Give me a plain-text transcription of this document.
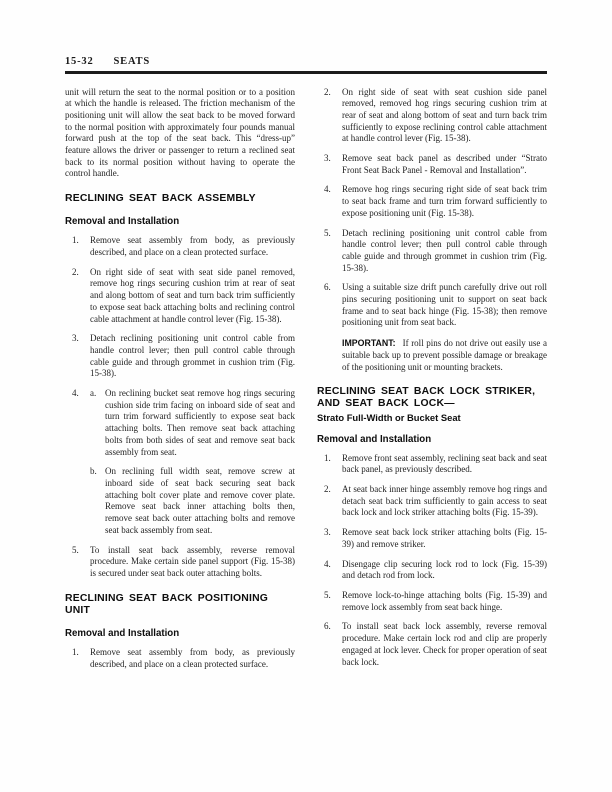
15-32 SEATS

unit will return the seat to the normal position or to a position at which the handle is released. The friction mechanism of the positioning unit will allow the seat back to be moved forward to the normal position with approximately four pounds manual forward push at the top of the seat back. This “dress-up” feature allows the driver or passenger to return a reclined seat back to its normal position without having to operate the control handle.

RECLINING SEAT BACK ASSEMBLY
Removal and Installation
1.	Remove seat assembly from body, as previously described, and place on a clean protected surface.
2.	On right side of seat with seat side panel removed, remove hog rings securing cushion trim at rear of seat and along bottom of seat and turn back trim sufficiently to expose seat back attaching bolts and reclining control cable attachment at handle control lever (Fig. 15-38).
3.	Detach reclining positioning unit control cable from handle control lever; then pull control cable through cable guide and through grommet in cushion trim (Fig. 15-38).
4.	a. On reclining bucket seat remove hog rings securing cushion side trim facing on inboard side of seat and turn trim forward sufficiently to expose seat back attaching bolts. Then remove seat back attaching bolts from both sides of seat and remove seat back assembly from seat.
b. On reclining full width seat, remove screw at inboard side of seat back securing seat back attaching bolt cover plate and remove cover plate. Remove seat back inner attaching bolts then, remove seat back outer attaching bolts and remove seat back assembly from seat.
5.	To install seat back assembly, reverse removal procedure. Make certain side panel support (Fig. 15-38) is secured under seat back outer attaching bolts.
RECLINING SEAT BACK POSITIONING UNIT
Removal and Installation
1.	Remove seat assembly from body, as previously described, and place on a clean protected surface.
2.	On right side of seat with seat cushion side panel removed, removed hog rings securing cushion trim at rear of seat and along bottom of seat and turn back trim sufficiently to expose reclining control cable attachment at handle control lever (Fig. 15-38).
3.	Remove seat back panel as described under “Strato Front Seat Back Panel - Removal and Installation”.
4.	Remove hog rings securing right side of seat back trim to seat back frame and turn trim forward sufficiently to expose positioning unit (Fig. 15-38).
5.	Detach reclining positioning unit control cable from handle control lever; then pull control cable through cable guide and through grommet in cushion trim (Fig. 15-38).
6.	Using a suitable size drift punch carefully drive out roll pins securing positioning unit to support on seat back frame and to seat back hinge (Fig. 15-38); then remove positioning unit from seat back.

IMPORTANT: If roll pins do not drive out easily use a suitable back up to prevent possible damage or breakage of the positioning unit or mounting brackets.

RECLINING SEAT BACK LOCK STRIKER,
AND SEAT BACK LOCK—
Strato Full-Width or Bucket Seat
Removal and Installation
1.	Remove front seat assembly, reclining seat back and seat back panel, as previously described.
2.	At seat back inner hinge assembly remove hog rings and detach seat back trim sufficiently to gain access to seat back lock and lock striker attaching bolts (Fig. 15-39).
3.	Remove seat back lock striker attaching bolts (Fig. 15-39) and remove striker.
4.	Disengage clip securing lock rod to lock (Fig. 15-39) and detach rod from lock.
5.	Remove lock-to-hinge attaching bolts (Fig. 15-39) and remove lock assembly from seat back hinge.
6.	To install seat back lock assembly, reverse removal procedure. Make certain lock rod and clip are properly engaged at lock lever. Check for proper operation of seat back lock.
